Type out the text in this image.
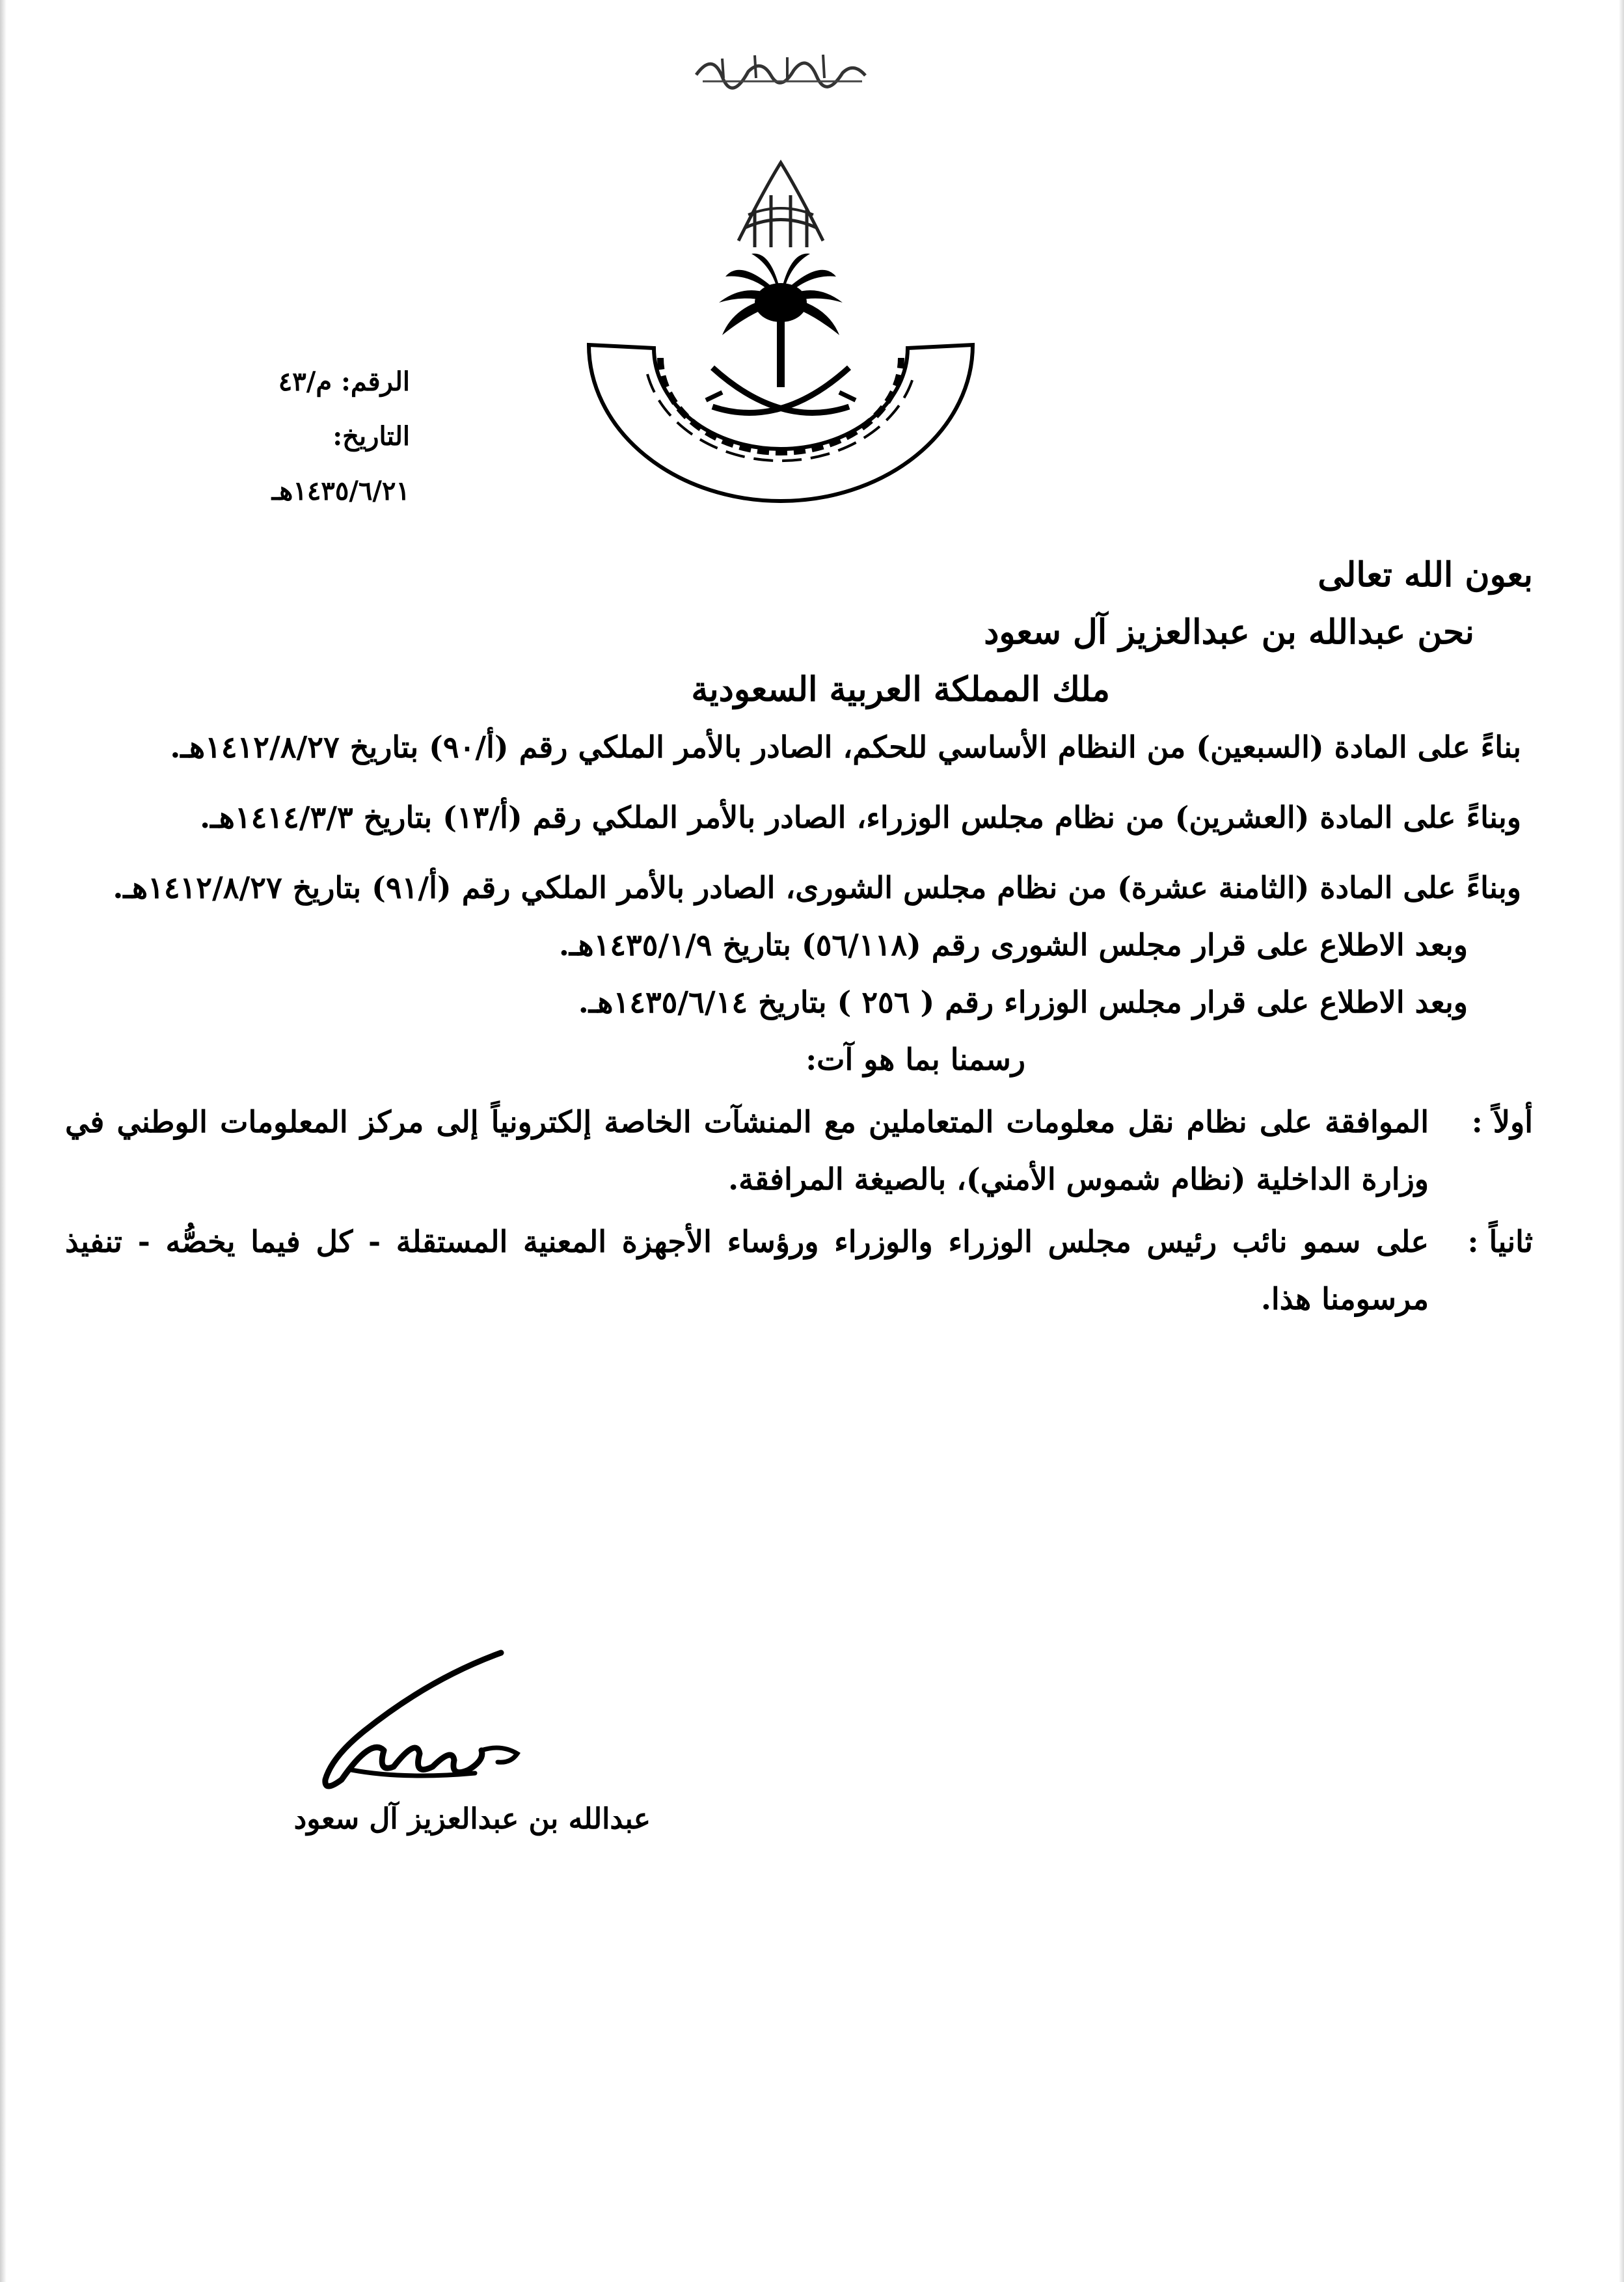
الرقم:م/٤٣
التاريخ:١٤٣٥/٦/٢١هـ

بعون الله تعالى

نحن عبدالله بن عبدالعزيز آل سعود

ملك المملكة العربية السعودية

بناءً على المادة (السبعين) من النظام الأساسي للحكم، الصادر بالأمر الملكي رقم (أ/٩٠) بتاريخ ١٤١٢/٨/٢٧هـ.

وبناءً على المادة (العشرين) من نظام مجلس الوزراء، الصادر بالأمر الملكي رقم (أ/١٣) بتاريخ ١٤١٤/٣/٣هـ.

وبناءً على المادة (الثامنة عشرة) من نظام مجلس الشورى، الصادر بالأمر الملكي رقم (أ/٩١) بتاريخ ١٤١٢/٨/٢٧هـ.

وبعد الاطلاع على قرار مجلس الشورى رقم (٥٦/١١٨) بتاريخ ١٤٣٥/١/٩هـ.

وبعد الاطلاع على قرار مجلس الوزراء رقم ( ٢٥٦ ) بتاريخ ١٤٣٥/٦/١٤هـ.

رسمنا بما هو آت:

أولاً :
الموافقة على نظام نقل معلومات المتعاملين مع المنشآت الخاصة إلكترونياً إلى مركز المعلومات الوطني في وزارة الداخلية (نظام شموس الأمني)، بالصيغة المرافقة.
ثانياً :
على سمو نائب رئيس مجلس الوزراء والوزراء ورؤساء الأجهزة المعنية المستقلة - كل فيما يخصُّه - تنفيذ مرسومنا هذا.
عبدالله بن عبدالعزيز آل سعود
